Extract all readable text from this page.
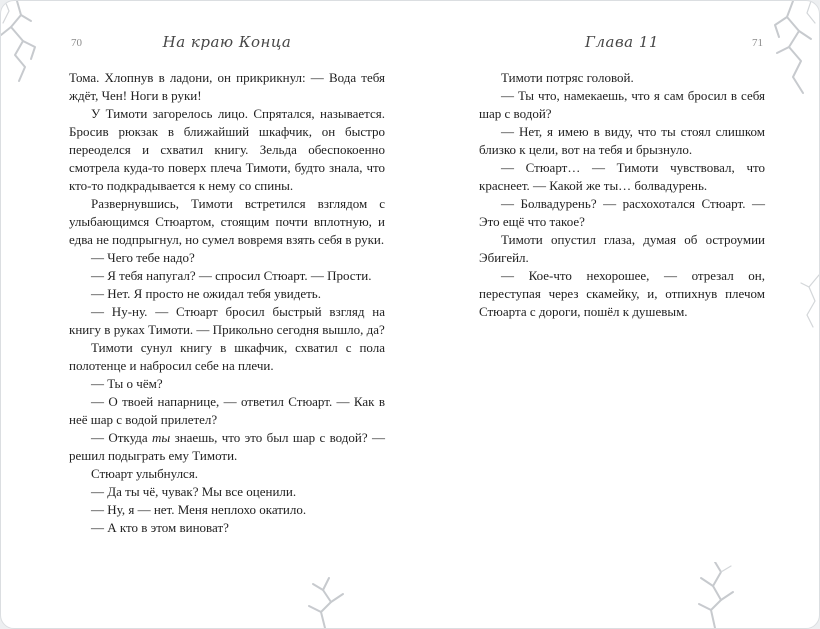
70	На краю Конца

Тома. Хлопнув в ладони, он прикрикнул: — Вода тебя ждёт, Чен! Ноги в руки!

У Тимоти загорелось лицо. Спрятался, называется. Бросив рюкзак в ближайший шкафчик, он быстро переоделся и схватил книгу. Зельда обеспокоенно смотрела куда-то поверх плеча Тимоти, будто знала, что кто-то подкрадывается к нему со спины.

Развернувшись, Тимоти встретился взглядом с улыбающимся Стюартом, стоящим почти вплотную, и едва не подпрыгнул, но сумел вовремя взять себя в руки.

— Чего тебе надо?

— Я тебя напугал? — спросил Стюарт. — Прости.

— Нет. Я просто не ожидал тебя увидеть.

— Ну-ну. — Стюарт бросил быстрый взгляд на книгу в руках Тимоти. — Прикольно сегодня вышло, да?

Тимоти сунул книгу в шкафчик, схватил с пола полотенце и набросил себе на плечи.

— Ты о чём?

— О твоей напарнице, — ответил Стюарт. — Как в неё шар с водой прилетел?

— Откуда ты знаешь, что это был шар с водой? — решил подыграть ему Тимоти.

Стюарт улыбнулся.

— Да ты чё, чувак? Мы все оценили.

— Ну, я — нет. Меня неплохо окатило.

— А кто в этом виноват?

Глава 11	71

Тимоти потряс головой.

— Ты что, намекаешь, что я сам бросил в себя шар с водой?

— Нет, я имею в виду, что ты стоял слишком близко к цели, вот на тебя и брызнуло.

— Стюарт… — Тимоти чувствовал, что краснеет. — Какой же ты… болвадурень.

— Болвадурень? — расхохотался Стюарт. — Это ещё что такое?

Тимоти опустил глаза, думая об остроумии Эбигейл.

— Кое-что нехорошее, — отрезал он, переступая через скамейку, и, отпихнув плечом Стюарта с дороги, пошёл к душевым.
